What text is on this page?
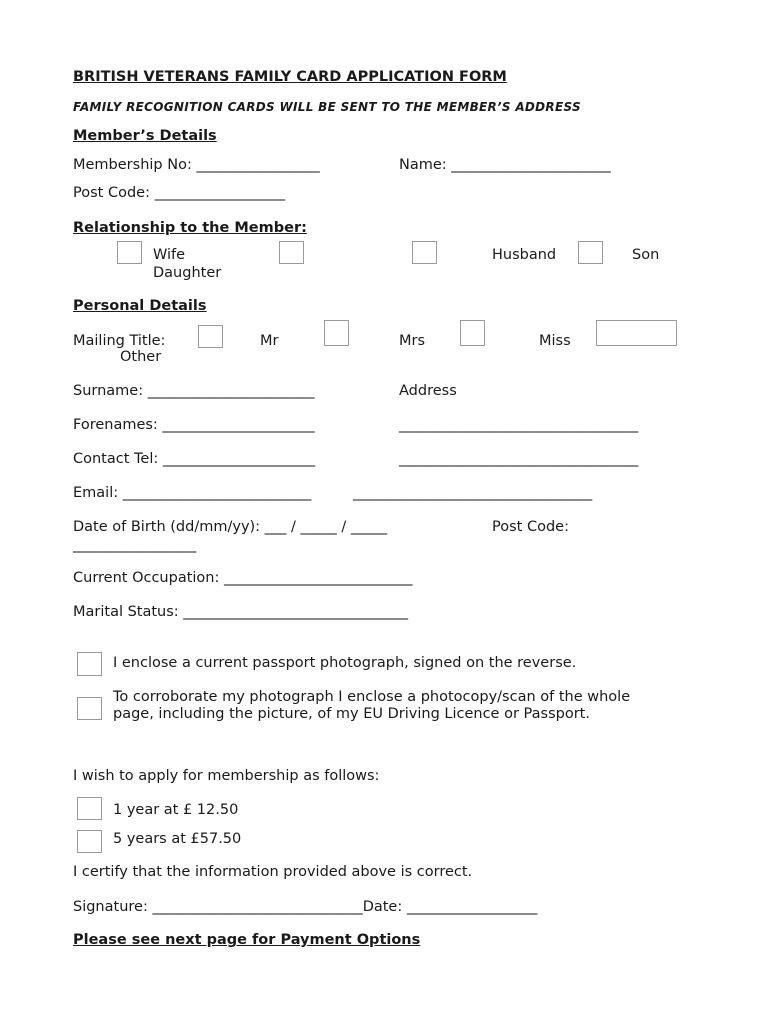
BRITISH VETERANS FAMILY CARD APPLICATION FORM
FAMILY RECOGNITION CARDS WILL BE SENT TO THE MEMBER’S ADDRESS
Member’s Details
Membership No: _________________	Name: ______________________
Post Code: __________________
Relationship to the Member:
Wife
Daughter
Husband	Son
Personal Details
Mailing Title:
Other
Mr	Mrs	Miss
Surname: _______________________	Address
Forenames: _____________________	_________________________________
Contact Tel: _____________________	_________________________________
Email: __________________________	_________________________________
Date of Birth (dd/mm/yy): ___ / _____ / _____	Post Code:
_________________
Current Occupation: __________________________
Marital Status: _______________________________
I enclose a current passport photograph, signed on the reverse.
To corroborate my photograph I enclose a photocopy/scan of the whole
page, including the picture, of my EU Driving Licence or Passport.
I wish to apply for membership as follows:
1 year at £ 12.50
5 years at £57.50
I certify that the information provided above is correct.
Signature: _____________________________Date: __________________
Please see next page for Payment Options
